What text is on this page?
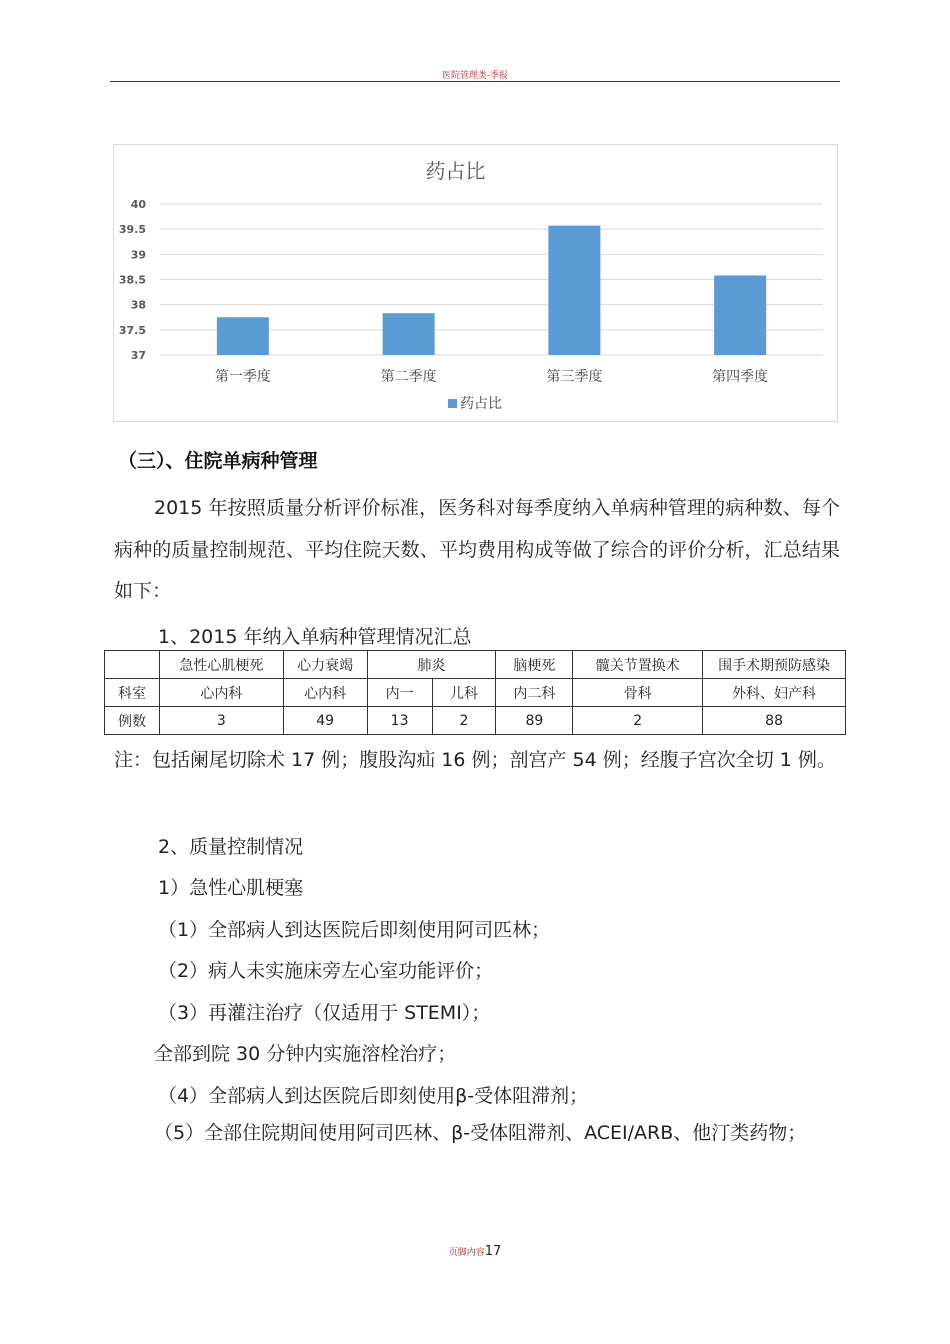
医院管理类-季报
药占比
37
37.5
38
38.5
39
39.5
40
第一季度	第二季度	第三季度	第四季度
药占比
（三）、住院单病种管理
2015 年按照质量分析评价标准，医务科对每季度纳入单病种管理的病种数、每个病种的质量控制规范、平均住院天数、平均费用构成等做了综合的评价分析，汇总结果如下：
1、2015 年纳入单病种管理情况汇总
	急性心肌梗死	心力衰竭	肺炎		脑梗死	髋关节置换术	围手术期预防感染
科室	心内科	心内科	内一	儿科	内二科	骨科	外科、妇产科
例数	3	49	13	2	89	2	88
注：包括阑尾切除术 17 例；腹股沟疝 16 例；剖宫产 54 例；经腹子宫次全切 1 例。
2、质量控制情况
1）急性心肌梗塞
（1）全部病人到达医院后即刻使用阿司匹林；
（2）病人未实施床旁左心室功能评价；
（3）再灌注治疗（仅适用于 STEMI）；
全部到院 30 分钟内实施溶栓治疗；
（4）全部病人到达医院后即刻使用β-受体阻滞剂；
（5）全部住院期间使用阿司匹林、β-受体阻滞剂、ACEI/ARB、他汀类药物；
页脚内容17
